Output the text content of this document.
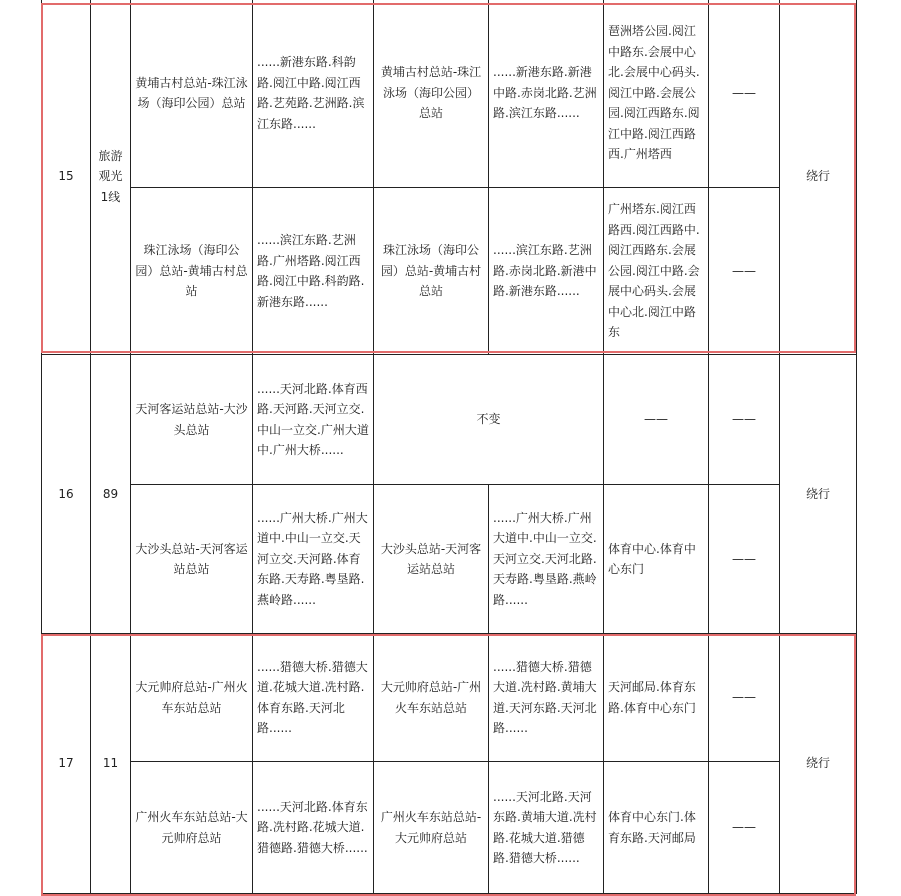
15	旅游观光1线	黄埔古村总站-珠江泳场（海印公园）总站	......新港东路.科韵路.阅江中路.阅江西路.艺苑路.艺洲路.滨江东路......	黄埔古村总站-珠江泳场（海印公园）总站	......新港东路.新港中路.赤岗北路.艺洲路.滨江东路......	琶洲塔公园.阅江中路东.会展中心北.会展中心码头.阅江中路.会展公园.阅江西路东.阅江中路.阅江西路西.广州塔西	——	绕行
		珠江泳场（海印公园）总站-黄埔古村总站	......滨江东路.艺洲路.广州塔路.阅江西路.阅江中路.科韵路.新港东路......	珠江泳场（海印公园）总站-黄埔古村总站	......滨江东路.艺洲路.赤岗北路.新港中路.新港东路......	广州塔东.阅江西路西.阅江西路中.阅江西路东.会展公园.阅江中路.会展中心码头.会展中心北.阅江中路东	——	
16	89	天河客运站总站-大沙头总站	......天河北路.体育西路.天河路.天河立交.中山一立交.广州大道中.广州大桥......	不变		——	——	绕行
		大沙头总站-天河客运站总站	......广州大桥.广州大道中.中山一立交.天河立交.天河路.体育东路.天寿路.粤垦路.燕岭路......	大沙头总站-天河客运站总站	......广州大桥.广州大道中.中山一立交.天河立交.天河北路.天寿路.粤垦路.燕岭路......	体育中心.体育中心东门	——	
17	11	大元帅府总站-广州火车东站总站	......猎德大桥.猎德大道.花城大道.冼村路.体育东路.天河北路......	大元帅府总站-广州火车东站总站	......猎德大桥.猎德大道.冼村路.黄埔大道.天河东路.天河北路......	天河邮局.体育东路.体育中心东门	——	绕行
		广州火车东站总站-大元帅府总站	......天河北路.体育东路.冼村路.花城大道.猎德路.猎德大桥......	广州火车东站总站-大元帅府总站	......天河北路.天河东路.黄埔大道.冼村路.花城大道.猎德路.猎德大桥......	体育中心东门.体育东路.天河邮局	——	
